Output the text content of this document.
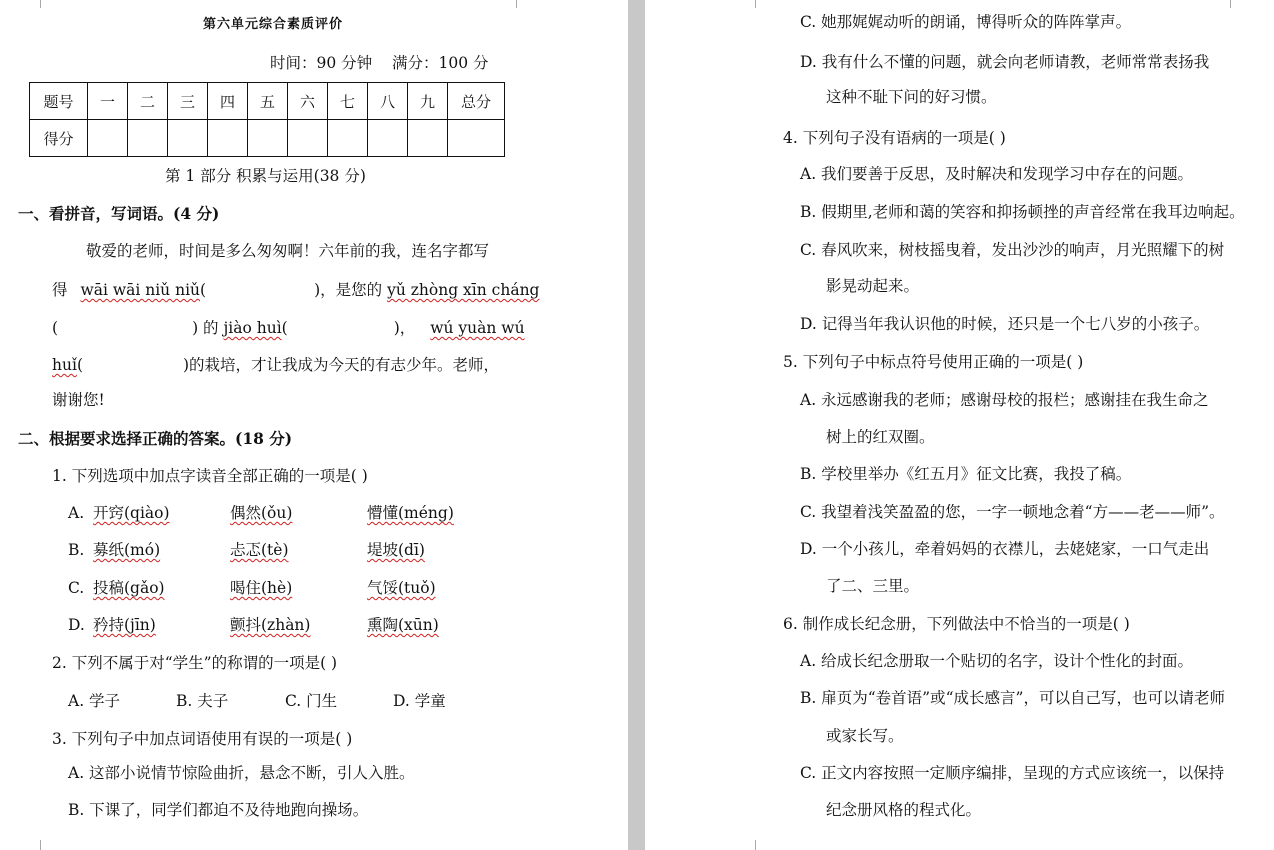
第六单元综合素质评价
时间：90 分钟 满分：100 分
题号	一	二	三	四	五	六	七	八	九	总分
得分										
第 1 部分 积累与运用(38 分)
一、看拼音，写词语。(4 分)
敬爱的老师，时间是多么匆匆啊！六年前的我，连名字都写
得 wāi wāi niǔ niǔ(	)，是您的 yǔ zhòng xīn cháng
(	) 的 jiào huì(	)， wú yuàn wú
huǐ(	)的栽培，才让我成为今天的有志少年。老师，
谢谢您!
二、根据要求选择正确的答案。(18 分)
1. 下列选项中加点字读音全部正确的一项是( )
A. 开窍(qiào)	偶然(ǒu)	懵懂(méng)
B. 募纸(mó)	忐忑(tè)	堤坡(dī)
C. 投稿(gǎo)	喝住(hè)	气馁(tuǒ)
D. 矜持(jīn)	颤抖(zhàn)	熏陶(xūn)
2. 下列不属于对“学生”的称谓的一项是( )
A. 学子	B. 夫子	C. 门生	D. 学童
3. 下列句子中加点词语使用有误的一项是( )
A. 这部小说情节惊险曲折，悬念不断，引人入胜。
B. 下课了，同学们都迫不及待地跑向操场。
C. 她那娓娓动听的朗诵，博得听众的阵阵掌声。
D. 我有什么不懂的问题，就会向老师请教，老师常常表扬我
这种不耻下问的好习惯。
4. 下列句子没有语病的一项是( )
A. 我们要善于反思，及时解决和发现学习中存在的问题。
B. 假期里,老师和蔼的笑容和抑扬顿挫的声音经常在我耳边响起。
C. 春风吹来，树枝摇曳着，发出沙沙的响声，月光照耀下的树
影晃动起来。
D. 记得当年我认识他的时候，还只是一个七八岁的小孩子。
5. 下列句子中标点符号使用正确的一项是( )
A. 永远感谢我的老师；感谢母校的报栏；感谢挂在我生命之
树上的红双圈。
B. 学校里举办《红五月》征文比赛，我投了稿。
C. 我望着浅笑盈盈的您，一字一顿地念着“方——老——师”。
D. 一个小孩儿，牵着妈妈的衣襟儿，去姥姥家，一口气走出
了二、三里。
6. 制作成长纪念册，下列做法中不恰当的一项是( )
A. 给成长纪念册取一个贴切的名字，设计个性化的封面。
B. 扉页为“卷首语”或“成长感言”，可以自己写，也可以请老师
或家长写。
C. 正文内容按照一定顺序编排，呈现的方式应该统一，以保持
纪念册风格的程式化。
